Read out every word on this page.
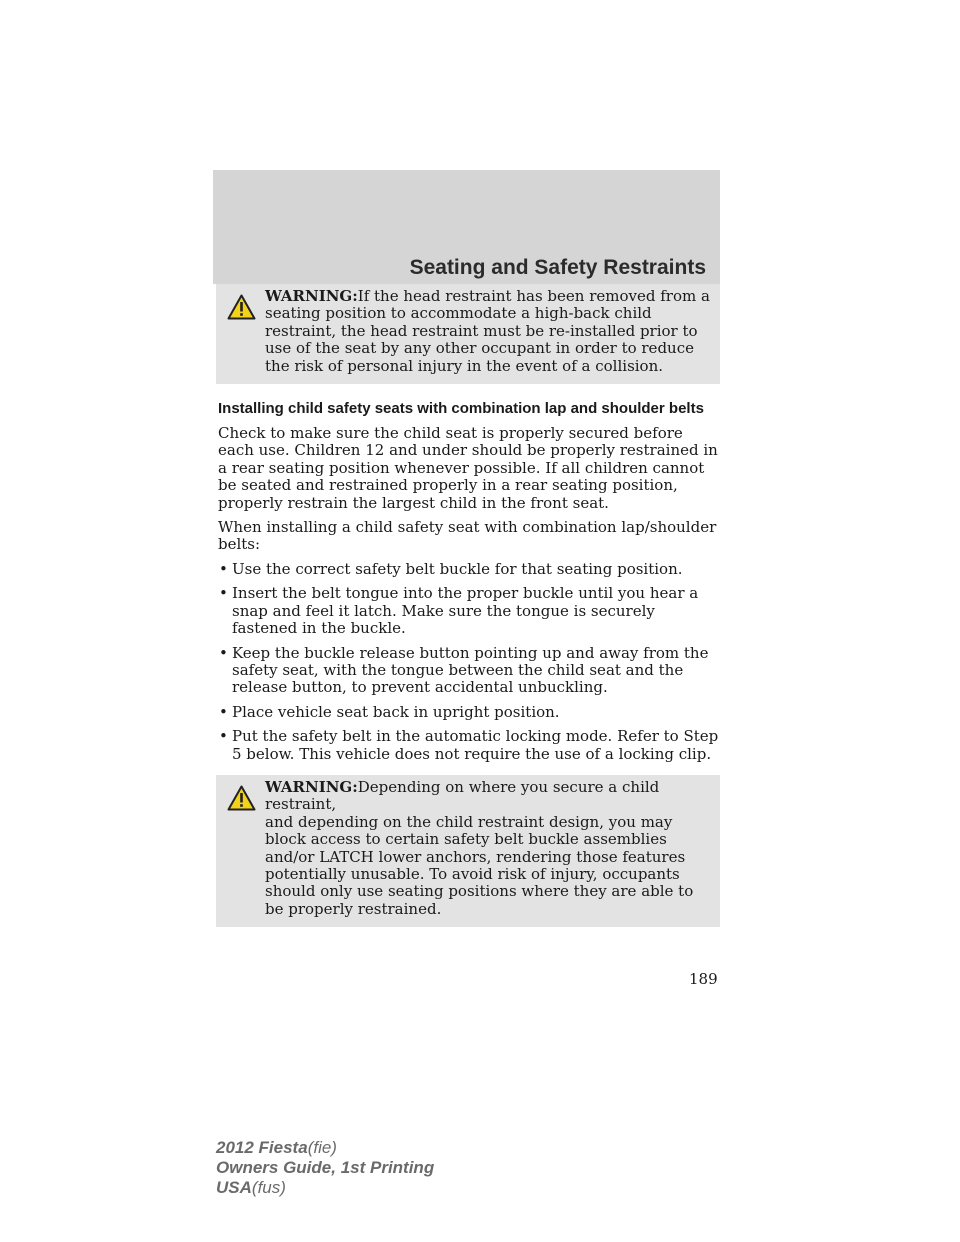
Seating and Safety Restraints
WARNING:If the head restraint has been removed from a
seating position to accommodate a high-back child restraint, the head restraint must be re-installed prior to use of the seat by any other occupant in order to reduce the risk of personal injury in the event of a collision.
Installing child safety seats with combination lap and shoulder belts

Check to make sure the child seat is properly secured before each use. Children 12 and under should be properly restrained in a rear seating position whenever possible. If all children cannot be seated and restrained properly in a rear seating position, properly restrain the largest child in the front seat.

When installing a child safety seat with combination lap/shoulder belts:

• Use the correct safety belt buckle for that seating position.
• Insert the belt tongue into the proper buckle until you hear a snap and feel it latch. Make sure the tongue is securely fastened in the buckle.
• Keep the buckle release button pointing up and away from the safety seat, with the tongue between the child seat and the release button, to prevent accidental unbuckling.
• Place vehicle seat back in upright position.
• Put the safety belt in the automatic locking mode. Refer to Step 5 below. This vehicle does not require the use of a locking clip.
WARNING:Depending on where you secure a child restraint,
and depending on the child restraint design, you may block access to certain safety belt buckle assemblies and/or LATCH lower anchors, rendering those features potentially unusable. To avoid risk of injury, occupants should only use seating positions where they are able to be properly restrained.
189
2012 Fiesta(fie)
Owners Guide, 1st Printing
USA(fus)
